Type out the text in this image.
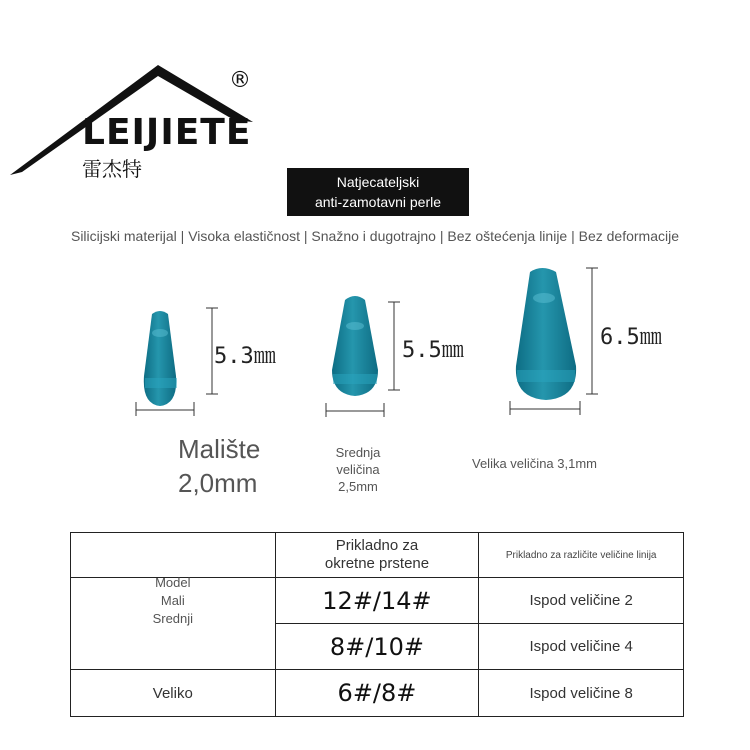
LEIJIETE
雷杰特
®
Natjecateljski
anti-zamotavni perle
Silicijski materijal | Visoka elastičnost | Snažno i dugotrajno | Bez oštećenja linije | Bez deformacije
5.3㎜
Malište
2,0mm
5.5㎜
Srednja
veličina
2,5mm
6.5㎜
Velika veličina 3,1mm

	Prikladno za
okretne prstene	Prikladno za različite veličine linija

Model
Mali
Srednji	12#/14#	Ispod veličine 2
	8#/10#	Ispod veličine 4
Veliko	6#/8#	Ispod veličine 8
